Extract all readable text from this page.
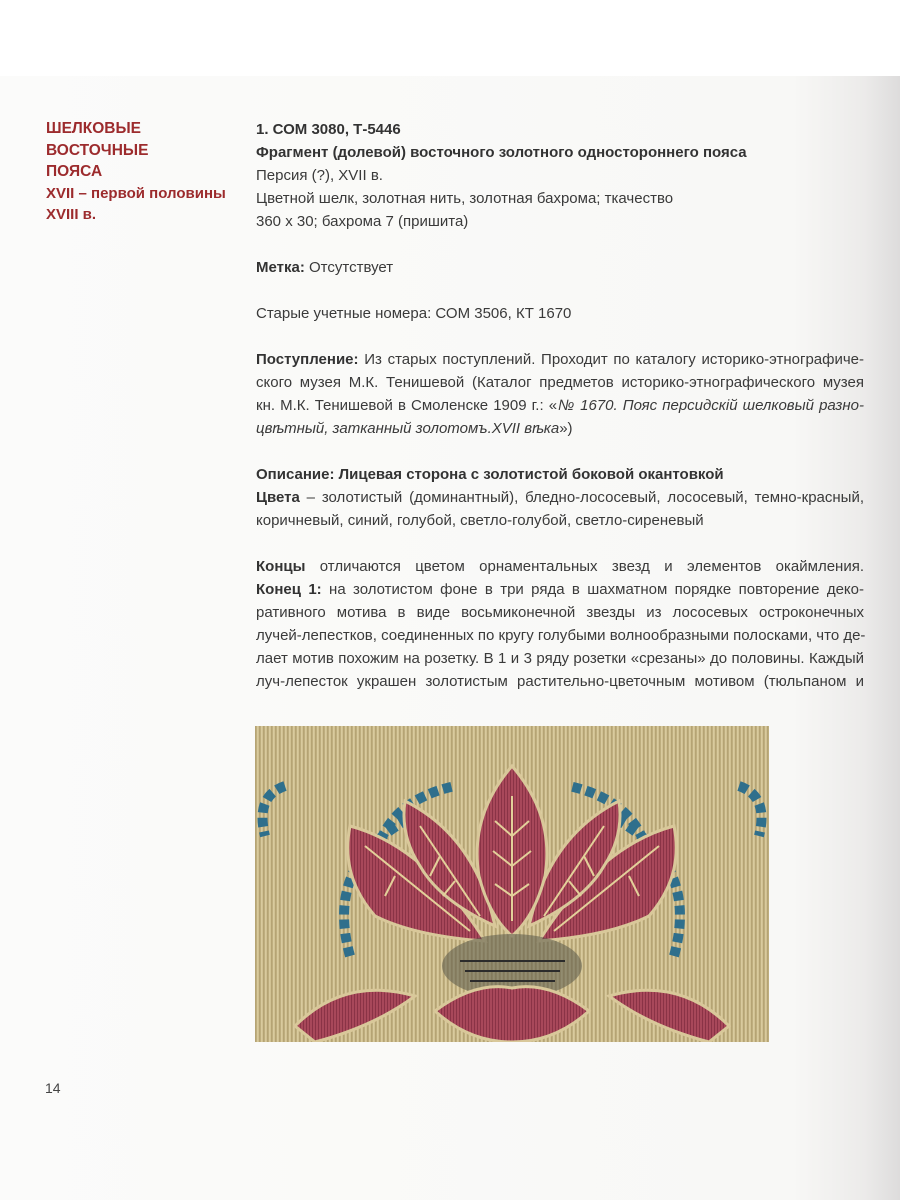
ШЕЛКОВЫЕ
ВОСТОЧНЫЕ
ПОЯСА
XVII – первой половины
XVIII в.
1. СОМ 3080, Т-5446
Фрагмент (долевой) восточного золотного одностороннего пояса
Персия (?), XVII в.
Цветной шелк, золотная нить, золотная бахрома; ткачество
360 х 30; бахрома 7 (пришита)
Метка: Отсутствует
Старые учетные номера: СОМ 3506, КТ 1670
Поступление: Из старых поступлений. Проходит по каталогу историко-этнографиче-
ского музея М.К. Тенишевой (Каталог предметов историко-этнографического музея
кн. М.К. Тенишевой в Смоленске 1909 г.: «№ 1670. Пояс персидскій шелковый разно-
цвѣтный, затканный золотомъ.XVII вѣка»)
Описание: Лицевая сторона с золотистой боковой окантовкой
Цвета – золотистый (доминантный), бледно-лососевый, лососевый, темно-красный,
коричневый, синий, голубой, светло-голубой, светло-сиреневый
Концы отличаются цветом орнаментальных звезд и элементов окаймления.
Конец 1: на золотистом фоне в три ряда в шахматном порядке повторение деко-
ративного мотива в виде восьмиконечной звезды из лососевых остроконечных
лучей-лепестков, соединенных по кругу голубыми волнообразными полосками, что де-
лает мотив похожим на розетку. В 1 и 3 ряду розетки «срезаны» до половины. Каждый
луч-лепесток украшен золотистым растительно-цветочным мотивом (тюльпаном и
14
